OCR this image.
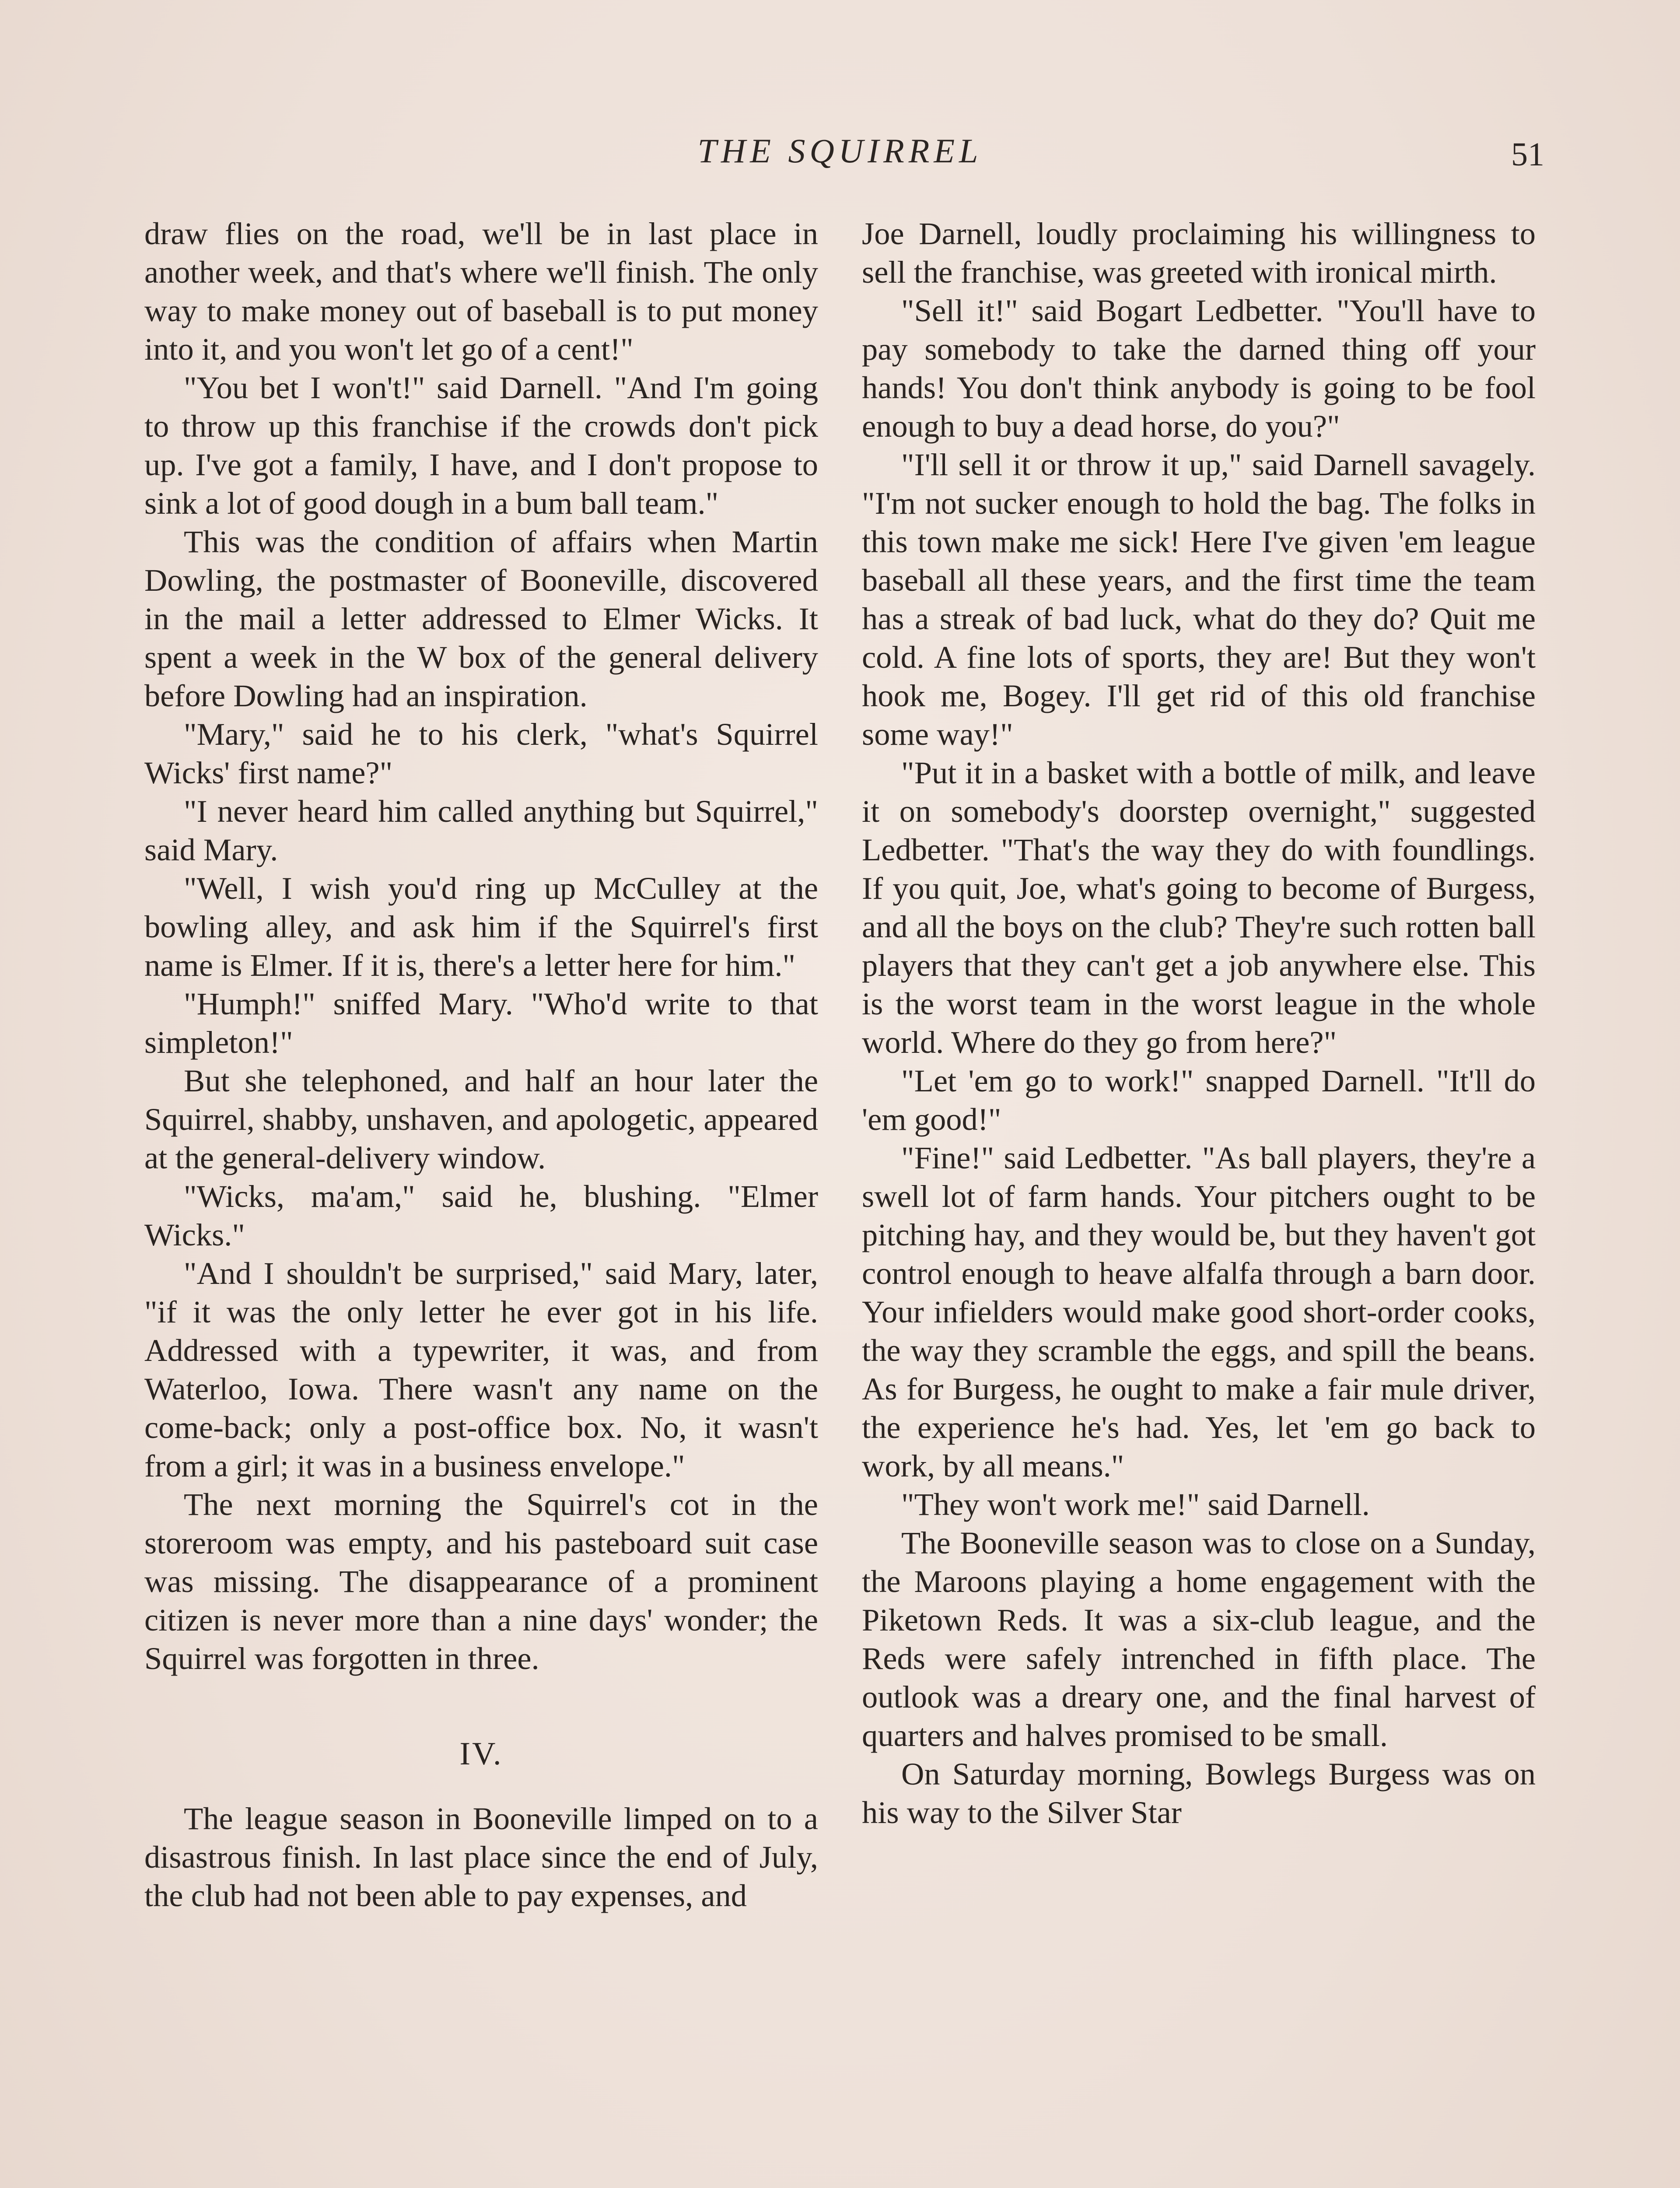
THE SQUIRREL	51

draw flies on the road, we'll be in last place in another week, and that's where we'll finish. The only way to make money out of baseball is to put money into it, and you won't let go of a cent!"

"You bet I won't!" said Darnell. "And I'm going to throw up this franchise if the crowds don't pick up. I've got a family, I have, and I don't propose to sink a lot of good dough in a bum ball team."

This was the condition of affairs when Martin Dowling, the postmaster of Booneville, discovered in the mail a letter addressed to Elmer Wicks. It spent a week in the W box of the general delivery before Dowling had an inspiration.

"Mary," said he to his clerk, "what's Squirrel Wicks' first name?"

"I never heard him called anything but Squirrel," said Mary.

"Well, I wish you'd ring up McCulley at the bowling alley, and ask him if the Squirrel's first name is Elmer. If it is, there's a letter here for him."

"Humph!" sniffed Mary. "Who'd write to that simpleton!"

But she telephoned, and half an hour later the Squirrel, shabby, unshaven, and apologetic, appeared at the general-delivery window.

"Wicks, ma'am," said he, blushing. "Elmer Wicks."

"And I shouldn't be surprised," said Mary, later, "if it was the only letter he ever got in his life. Addressed with a typewriter, it was, and from Waterloo, Iowa. There wasn't any name on the come-back; only a post-office box. No, it wasn't from a girl; it was in a business envelope."

The next morning the Squirrel's cot in the storeroom was empty, and his pasteboard suit case was missing. The disappearance of a prominent citizen is never more than a nine days' wonder; the Squirrel was forgotten in three.

IV.

The league season in Booneville limped on to a disastrous finish. In last place since the end of July, the club had not been able to pay expenses, and

Joe Darnell, loudly proclaiming his willingness to sell the franchise, was greeted with ironical mirth.

"Sell it!" said Bogart Ledbetter. "You'll have to pay somebody to take the darned thing off your hands! You don't think anybody is going to be fool enough to buy a dead horse, do you?"

"I'll sell it or throw it up," said Darnell savagely. "I'm not sucker enough to hold the bag. The folks in this town make me sick! Here I've given 'em league baseball all these years, and the first time the team has a streak of bad luck, what do they do? Quit me cold. A fine lots of sports, they are! But they won't hook me, Bogey. I'll get rid of this old franchise some way!"

"Put it in a basket with a bottle of milk, and leave it on somebody's doorstep overnight," suggested Ledbetter. "That's the way they do with foundlings. If you quit, Joe, what's going to become of Burgess, and all the boys on the club? They're such rotten ball players that they can't get a job anywhere else. This is the worst team in the worst league in the whole world. Where do they go from here?"

"Let 'em go to work!" snapped Darnell. "It'll do 'em good!"

"Fine!" said Ledbetter. "As ball players, they're a swell lot of farm hands. Your pitchers ought to be pitching hay, and they would be, but they haven't got control enough to heave alfalfa through a barn door. Your infielders would make good short-order cooks, the way they scramble the eggs, and spill the beans. As for Burgess, he ought to make a fair mule driver, the experience he's had. Yes, let 'em go back to work, by all means."

"They won't work me!" said Darnell.

The Booneville season was to close on a Sunday, the Maroons playing a home engagement with the Piketown Reds. It was a six-club league, and the Reds were safely intrenched in fifth place. The outlook was a dreary one, and the final harvest of quarters and halves promised to be small.

On Saturday morning, Bowlegs Burgess was on his way to the Silver Star
